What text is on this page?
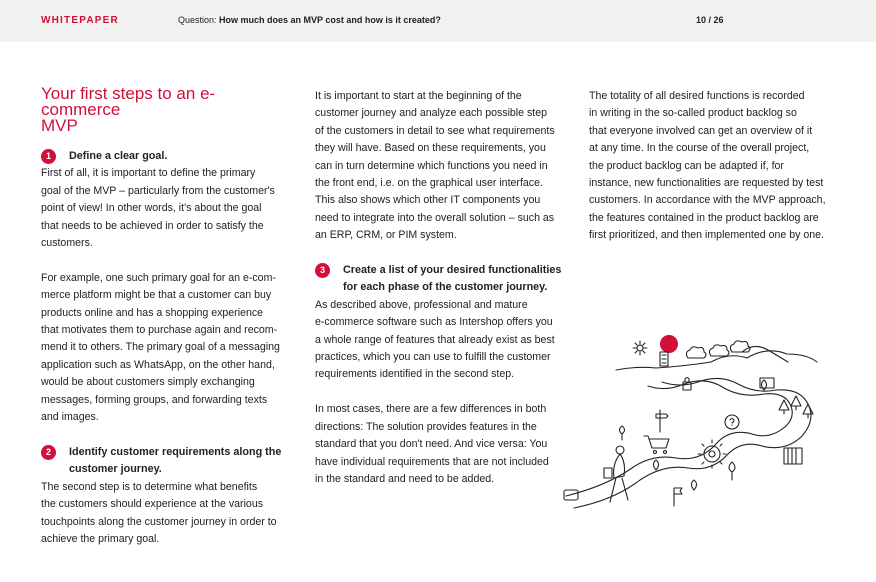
WHITEPAPER	Question: How much does an MVP cost and how is it created?	10 / 26
Your first steps to an e-commerce
MVP
1	Define a clear goal.

First of all, it is important to define the primary

goal of the MVP – particularly from the customer's

point of view! In other words, it's about the goal

that needs to be achieved in order to satisfy the

customers.

For example, one such primary goal for an e-com-

merce platform might be that a customer can buy

products online and has a shopping experience

that motivates them to purchase again and recom-

mend it to others. The primary goal of a messaging

application such as WhatsApp, on the other hand,

would be about customers simply exchanging

messages, forming groups, and forwarding texts

and images.

2	Identify customer requirements along the
customer journey.

The second step is to determine what benefits

the customers should experience at the various

touchpoints along the customer journey in order to

achieve the primary goal.

It is important to start at the beginning of the

customer journey and analyze each possible step

of the customers in detail to see what requirements

they will have. Based on these requirements, you

can in turn determine which functions you need in

the front end, i.e. on the graphical user interface.

This also shows which other IT components you

need to integrate into the overall solution – such as

an ERP, CRM, or PIM system.

3	Create a list of your desired functionalities
for each phase of the customer journey.

As described above, professional and mature

e-commerce software such as Intershop offers you

a whole range of features that already exist as best

practices, which you can use to fulfill the customer

requirements identified in the second step.

In most cases, there are a few differences in both

directions: The solution provides features in the

standard that you don't need. And vice versa: You

have individual requirements that are not included

in the standard and need to be added.

The totality of all desired functions is recorded

in writing in the so-called product backlog so

that everyone involved can get an overview of it

at any time. In the course of the overall project,

the product backlog can be adapted if, for

instance, new functionalities are requested by test

customers. In accordance with the MVP approach,

the features contained in the product backlog are

first prioritized, and then implemented one by one.
